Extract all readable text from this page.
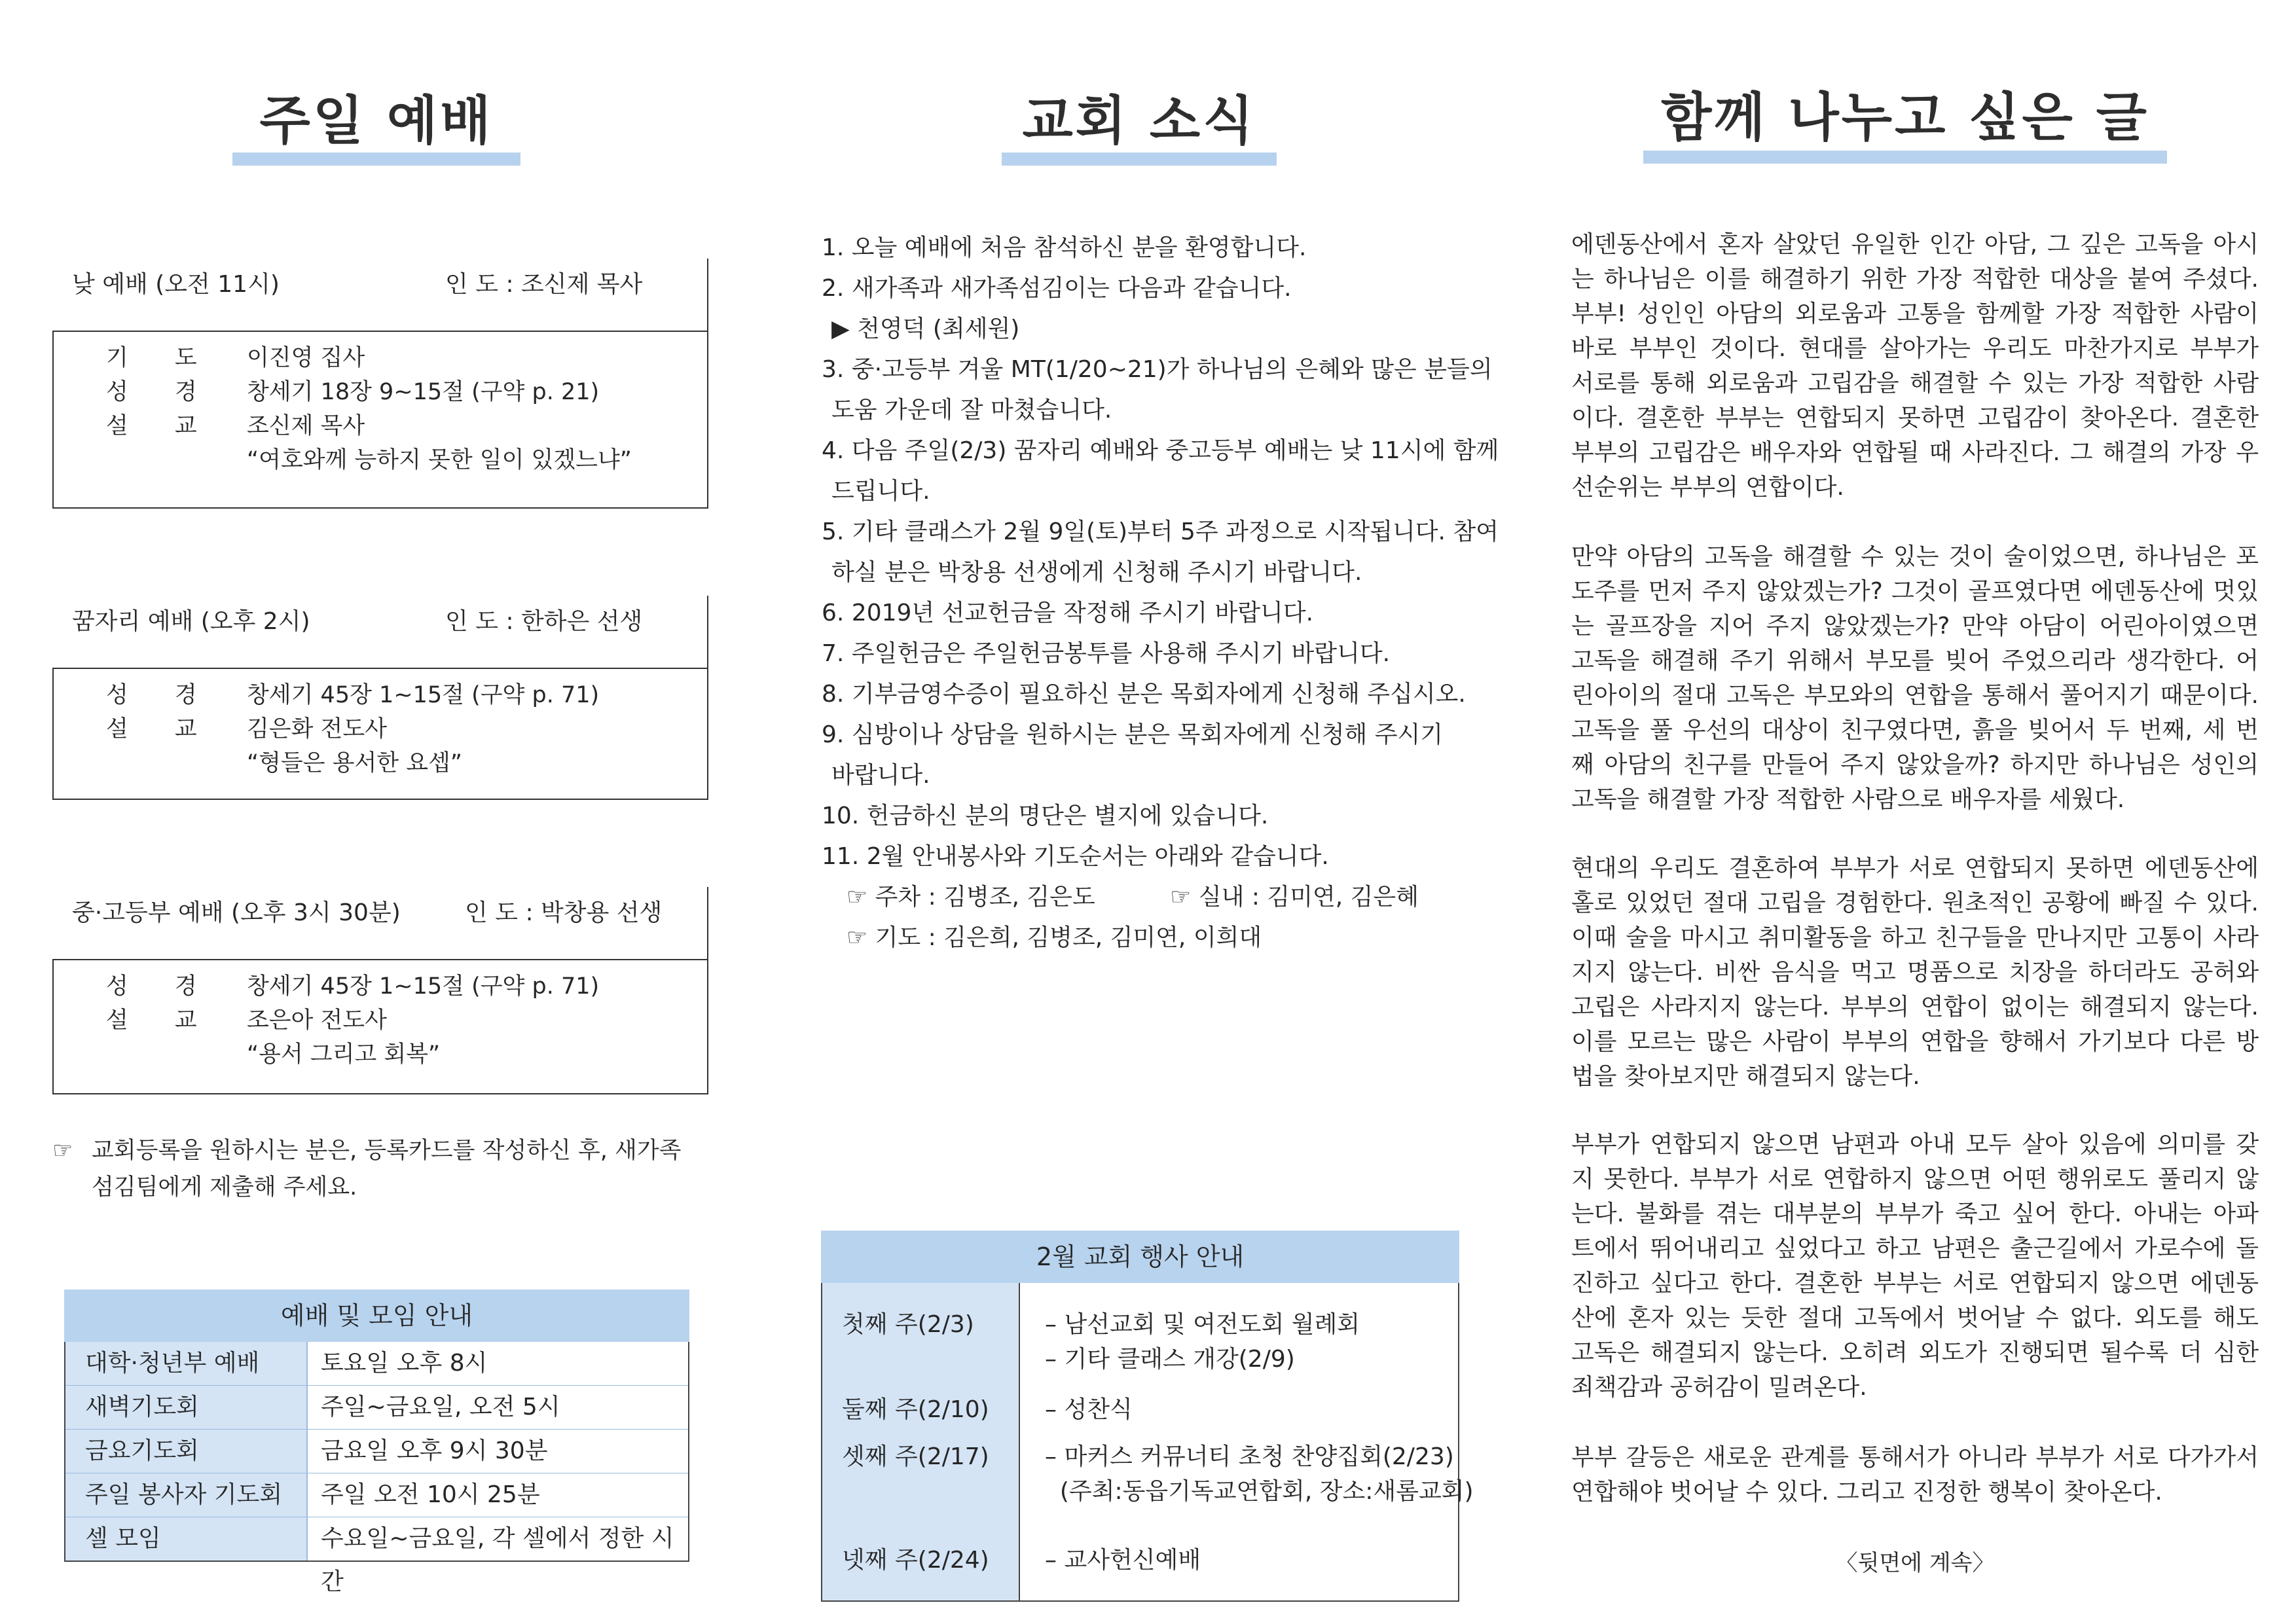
주일 예배
낮 예배 (오전 11시)	인 도 : 조신제 목사
기 도 이진영 집사
성 경 창세기 18장 9~15절 (구약 p. 21)
설 교 조신제 목사
“여호와께 능하지 못한 일이 있겠느냐”
꿈자리 예배 (오후 2시)	인 도 : 한하은 선생
성 경 창세기 45장 1~15절 (구약 p. 71)
설 교 김은화 전도사
“형들은 용서한 요셉”
중·고등부 예배 (오후 3시 30분)	인 도 : 박창용 선생
성 경 창세기 45장 1~15절 (구약 p. 71)
설 교 조은아 전도사
“용서 그리고 회복”
☞ 교회등록을 원하시는 분은, 등록카드를 작성하신 후, 새가족
섬김팀에게 제출해 주세요.
예배 및 모임 안내
대학·청년부 예배	토요일 오후 8시
새벽기도회	주일~금요일, 오전 5시
금요기도회	금요일 오후 9시 30분
주일 봉사자 기도회	주일 오전 10시 25분
셀 모임	수요일~금요일, 각 셀에서 정한 시간
교회 소식
1. 오늘 예배에 처음 참석하신 분을 환영합니다.
2. 새가족과 새가족섬김이는 다음과 같습니다.
▶ 천영덕 (최세원)
3. 중·고등부 겨울 MT(1/20~21)가 하나님의 은혜와 많은 분들의
도움 가운데 잘 마쳤습니다.
4. 다음 주일(2/3) 꿈자리 예배와 중고등부 예배는 낮 11시에 함께
드립니다.
5. 기타 클래스가 2월 9일(토)부터 5주 과정으로 시작됩니다. 참여
하실 분은 박창용 선생에게 신청해 주시기 바랍니다.
6. 2019년 선교헌금을 작정해 주시기 바랍니다.
7. 주일헌금은 주일헌금봉투를 사용해 주시기 바랍니다.
8. 기부금영수증이 필요하신 분은 목회자에게 신청해 주십시오.
9. 심방이나 상담을 원하시는 분은 목회자에게 신청해 주시기
바랍니다.
10. 헌금하신 분의 명단은 별지에 있습니다.
11. 2월 안내봉사와 기도순서는 아래와 같습니다.
☞ 주차 : 김병조, 김은도          ☞ 실내 : 김미연, 김은혜
☞ 기도 : 김은희, 김병조, 김미연, 이희대
2월 교회 행사 안내
첫째 주(2/3)	– 남선교회 및 여전도회 월례회
– 기타 클래스 개강(2/9)
둘째 주(2/10) – 성찬식
셋째 주(2/17) – 마커스 커뮤너티 초청 찬양집회(2/23)
(주최:동읍기독교연합회, 장소:새롬교회)
넷째 주(2/24) – 교사헌신예배
함께 나누고 싶은 글
에덴동산에서 혼자 살았던 유일한 인간 아담, 그 깊은 고독을 아시
는 하나님은 이를 해결하기 위한 가장 적합한 대상을 붙여 주셨다.
부부! 성인인 아담의 외로움과 고통을 함께할 가장 적합한 사람이
바로 부부인 것이다. 현대를 살아가는 우리도 마찬가지로 부부가
서로를 통해 외로움과 고립감을 해결할 수 있는 가장 적합한 사람
이다. 결혼한 부부는 연합되지 못하면 고립감이 찾아온다. 결혼한
부부의 고립감은 배우자와 연합될 때 사라진다. 그 해결의 가장 우
선순위는 부부의 연합이다.
만약 아담의 고독을 해결할 수 있는 것이 술이었으면, 하나님은 포
도주를 먼저 주지 않았겠는가? 그것이 골프였다면 에덴동산에 멋있
는 골프장을 지어 주지 않았겠는가? 만약 아담이 어린아이였으면
고독을 해결해 주기 위해서 부모를 빚어 주었으리라 생각한다. 어
린아이의 절대 고독은 부모와의 연합을 통해서 풀어지기 때문이다.
고독을 풀 우선의 대상이 친구였다면, 흙을 빚어서 두 번째, 세 번
째 아담의 친구를 만들어 주지 않았을까? 하지만 하나님은 성인의
고독을 해결할 가장 적합한 사람으로 배우자를 세웠다.
현대의 우리도 결혼하여 부부가 서로 연합되지 못하면 에덴동산에
홀로 있었던 절대 고립을 경험한다. 원초적인 공황에 빠질 수 있다.
이때 술을 마시고 취미활동을 하고 친구들을 만나지만 고통이 사라
지지 않는다. 비싼 음식을 먹고 명품으로 치장을 하더라도 공허와
고립은 사라지지 않는다. 부부의 연합이 없이는 해결되지 않는다.
이를 모르는 많은 사람이 부부의 연합을 향해서 가기보다 다른 방
법을 찾아보지만 해결되지 않는다.
부부가 연합되지 않으면 남편과 아내 모두 살아 있음에 의미를 갖
지 못한다. 부부가 서로 연합하지 않으면 어떤 행위로도 풀리지 않
는다. 불화를 겪는 대부분의 부부가 죽고 싶어 한다. 아내는 아파
트에서 뛰어내리고 싶었다고 하고 남편은 출근길에서 가로수에 돌
진하고 싶다고 한다. 결혼한 부부는 서로 연합되지 않으면 에덴동
산에 혼자 있는 듯한 절대 고독에서 벗어날 수 없다. 외도를 해도
고독은 해결되지 않는다. 오히려 외도가 진행되면 될수록 더 심한
죄책감과 공허감이 밀려온다.
부부 갈등은 새로운 관계를 통해서가 아니라 부부가 서로 다가가서
연합해야 벗어날 수 있다. 그리고 진정한 행복이 찾아온다.
〈뒷면에 계속〉
